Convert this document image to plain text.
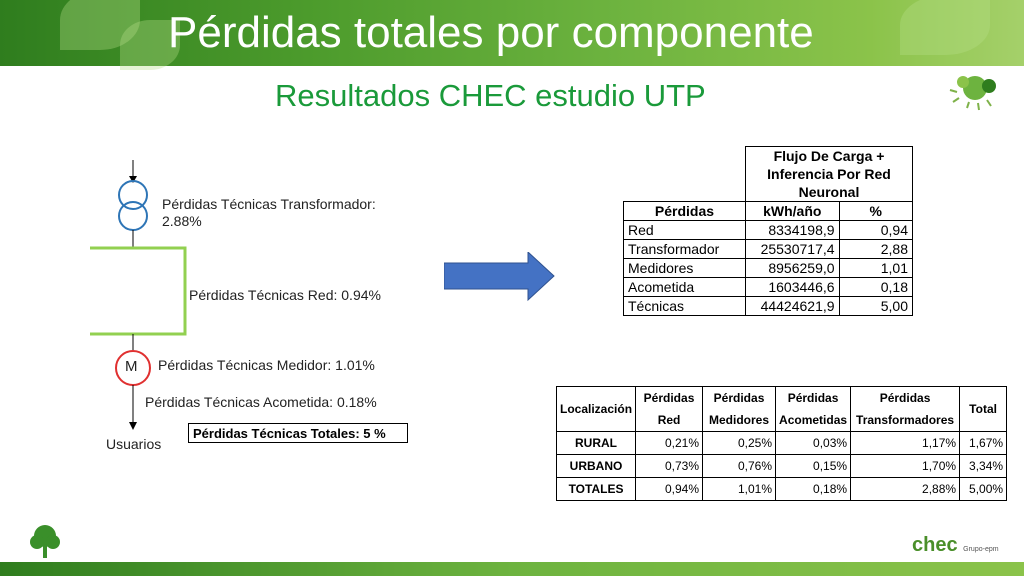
Pérdidas totales por componente
Resultados CHEC estudio UTP
M
Pérdidas Técnicas Transformador: 2.88%
Pérdidas Técnicas Red: 0.94%
Pérdidas Técnicas Medidor: 1.01%
Pérdidas Técnicas Acometida: 0.18%
Usuarios
Pérdidas Técnicas Totales: 5 %
	Flujo De Carga + Inferencia Por Red Neuronal	
Pérdidas	kWh/año	%
Red	8334198,9	0,94
Transformador	25530717,4	2,88
Medidores	8956259,0	1,01
Acometida	1603446,6	0,18
Técnicas	44424621,9	5,00
Localización	Pérdidas	Pérdidas	Pérdidas	Pérdidas	Total
	Red	Medidores	Acometidas	Transformadores	
RURAL	0,21%	0,25%	0,03%	1,17%	1,67%
URBANO	0,73%	0,76%	0,15%	1,70%	3,34%
TOTALES	0,94%	1,01%	0,18%	2,88%	5,00%
chec Grupo-epm
